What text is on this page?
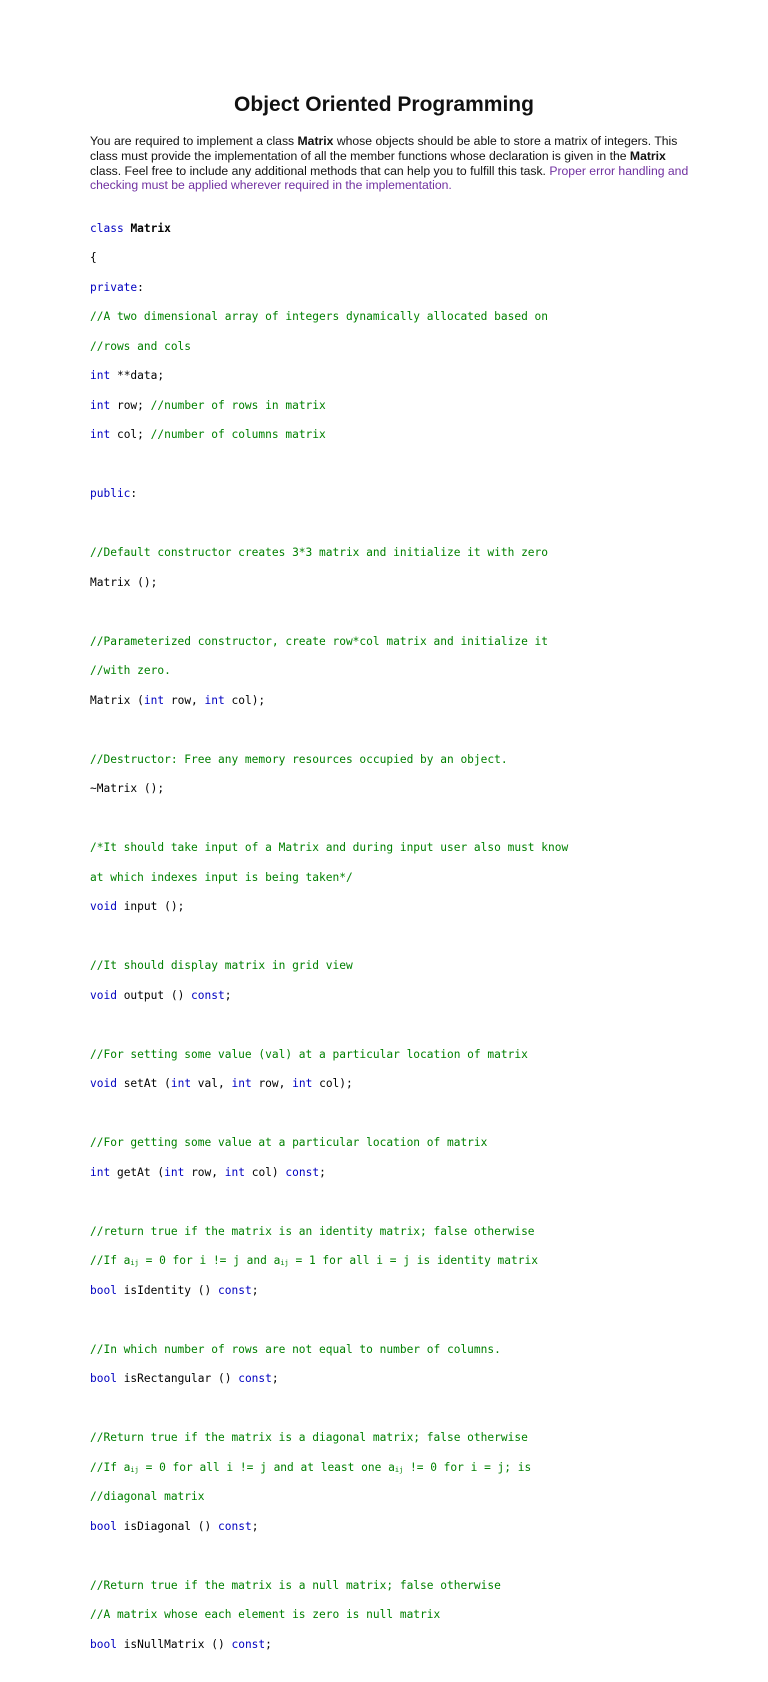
Object Oriented Programming

You are required to implement a class Matrix whose objects should be able to store a matrix of integers. This class must provide the implementation of all the member functions whose declaration is given in the Matrix class. Feel free to include any additional methods that can help you to fulfill this task. Proper error handling and checking must be applied wherever required in the implementation.

class Matrix

{

private:

//A two dimensional array of integers dynamically allocated based on

//rows and cols

int **data;

int row; //number of rows in matrix

int col; //number of columns matrix

public:

//Default constructor creates 3*3 matrix and initialize it with zero

Matrix ();

//Parameterized constructor, create row*col matrix and initialize it

//with zero.

Matrix (int row, int col);

//Destructor: Free any memory resources occupied by an object.

~Matrix ();

/*It should take input of a Matrix and during input user also must know

at which indexes input is being taken*/

void input ();

//It should display matrix in grid view

void output () const;

//For setting some value (val) at a particular location of matrix

void setAt (int val, int row, int col);

//For getting some value at a particular location of matrix

int getAt (int row, int col) const;

//return true if the matrix is an identity matrix; false otherwise

//If aij = 0 for i != j and aij = 1 for all i = j is identity matrix

bool isIdentity () const;

//In which number of rows are not equal to number of columns.

bool isRectangular () const;

//Return true if the matrix is a diagonal matrix; false otherwise

//If aij = 0 for all i != j and at least one aij != 0 for i = j; is

//diagonal matrix

bool isDiagonal () const;

//Return true if the matrix is a null matrix; false otherwise

//A matrix whose each element is zero is null matrix

bool isNullMatrix () const;
